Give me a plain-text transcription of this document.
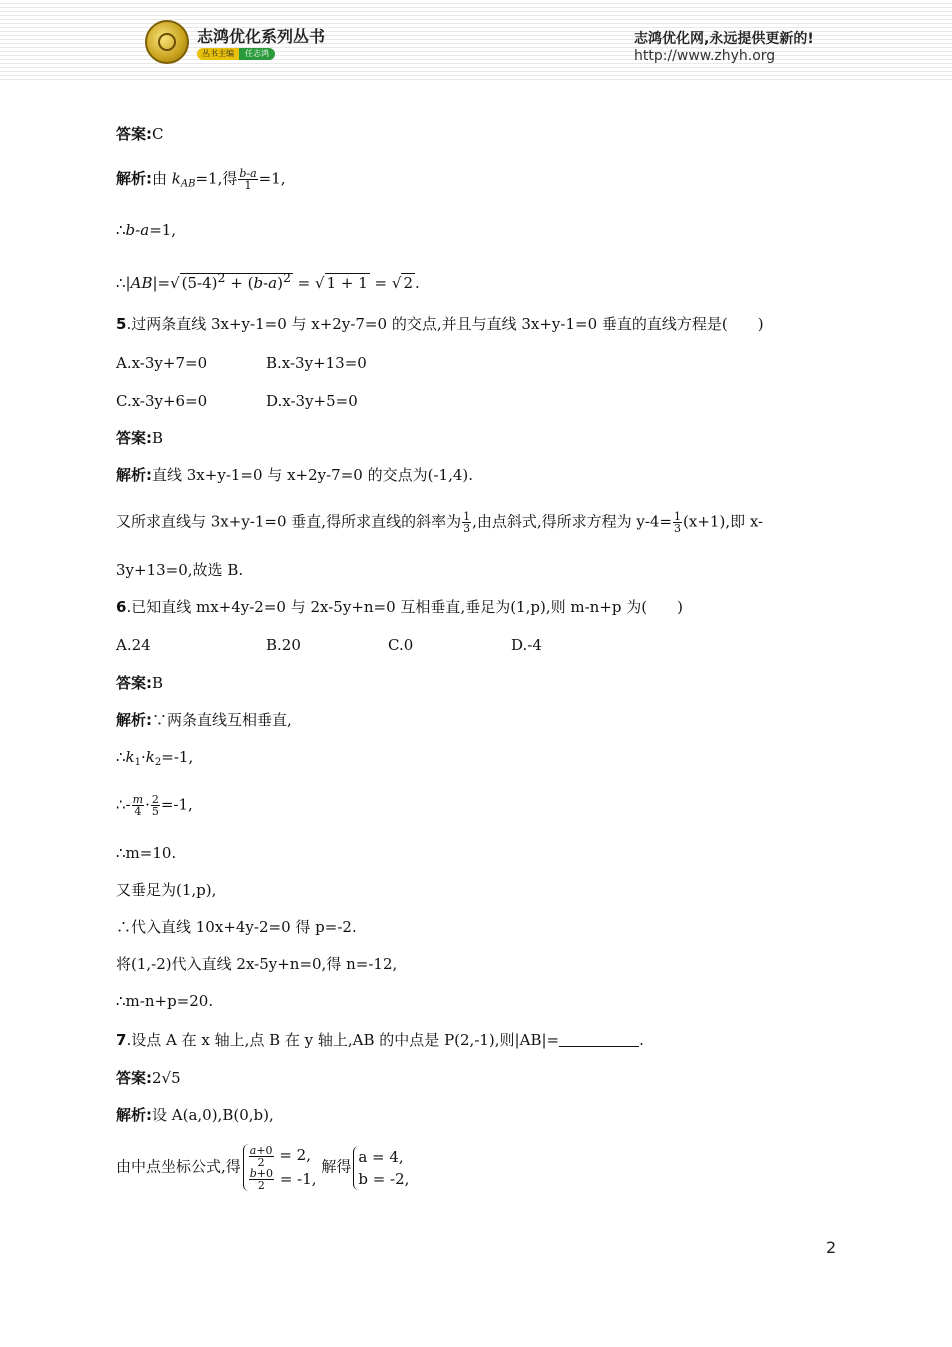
志鸿优化系列丛书
丛书主编 任志鸿
志鸿优化网,永远提供更新的!
http://www.zhyh.org
答案:C
解析:由 $k_{AB}=1$,得 $\frac{b-a}{1} =1$,
∴b-a=1,
∴|AB|=√ $(5-4)^2 + (b-a)^2$ = √ 1 + 1 = √ 2 .
5.过两条直线 3x+y-1=0 与 x+2y-7=0 的交点,并且与直线 3x+y-1=0 垂直的直线方程是(　　)
A.x-3y+7=0	B.x-3y+13=0
C.x-3y+6=0	D.x-3y+5=0
答案:B
解析:直线 3x+y-1=0 与 x+2y-7=0 的交点为(-1,4).
又所求直线与 3x+y-1=0 垂直,得所求直线的斜率为 $\frac{1}{3}$ ,由点斜式,得所求方程为 $y-4= \frac{1}{3} (x+1)$,即 x-
3y+13=0,故选 B.
6.已知直线 mx+4y-2=0 与 2x-5y+n=0 互相垂直,垂足为(1,p),则 m-n+p 为(　　)
A.24	B.20	C.0	D.-4
答案:B
解析:∵两条直线互相垂直,
$\therefore k_1\cdot k_2=-1$,
∴- $\frac{m}{4} \cdot \frac{2}{5} =-1$,
∴m=10.
又垂足为(1,p),
∴代入直线 10x+4y-2=0 得 p=-2.
将(1,-2)代入直线 2x-5y+n=0,得 n=-12,
∴m-n+p=20.
7.设点 A 在 x 轴上,点 B 在 y 轴上,AB 的中点是 P(2,-1),则|AB|=	.
答案:2√5
解析:设 A(a,0),B(0,b),
由中点坐标公式,得 $\frac{a+0}{2} = 2$,
$\frac{b+0}{2} = -1$,
解得
a = 4,
b = -2,
2
